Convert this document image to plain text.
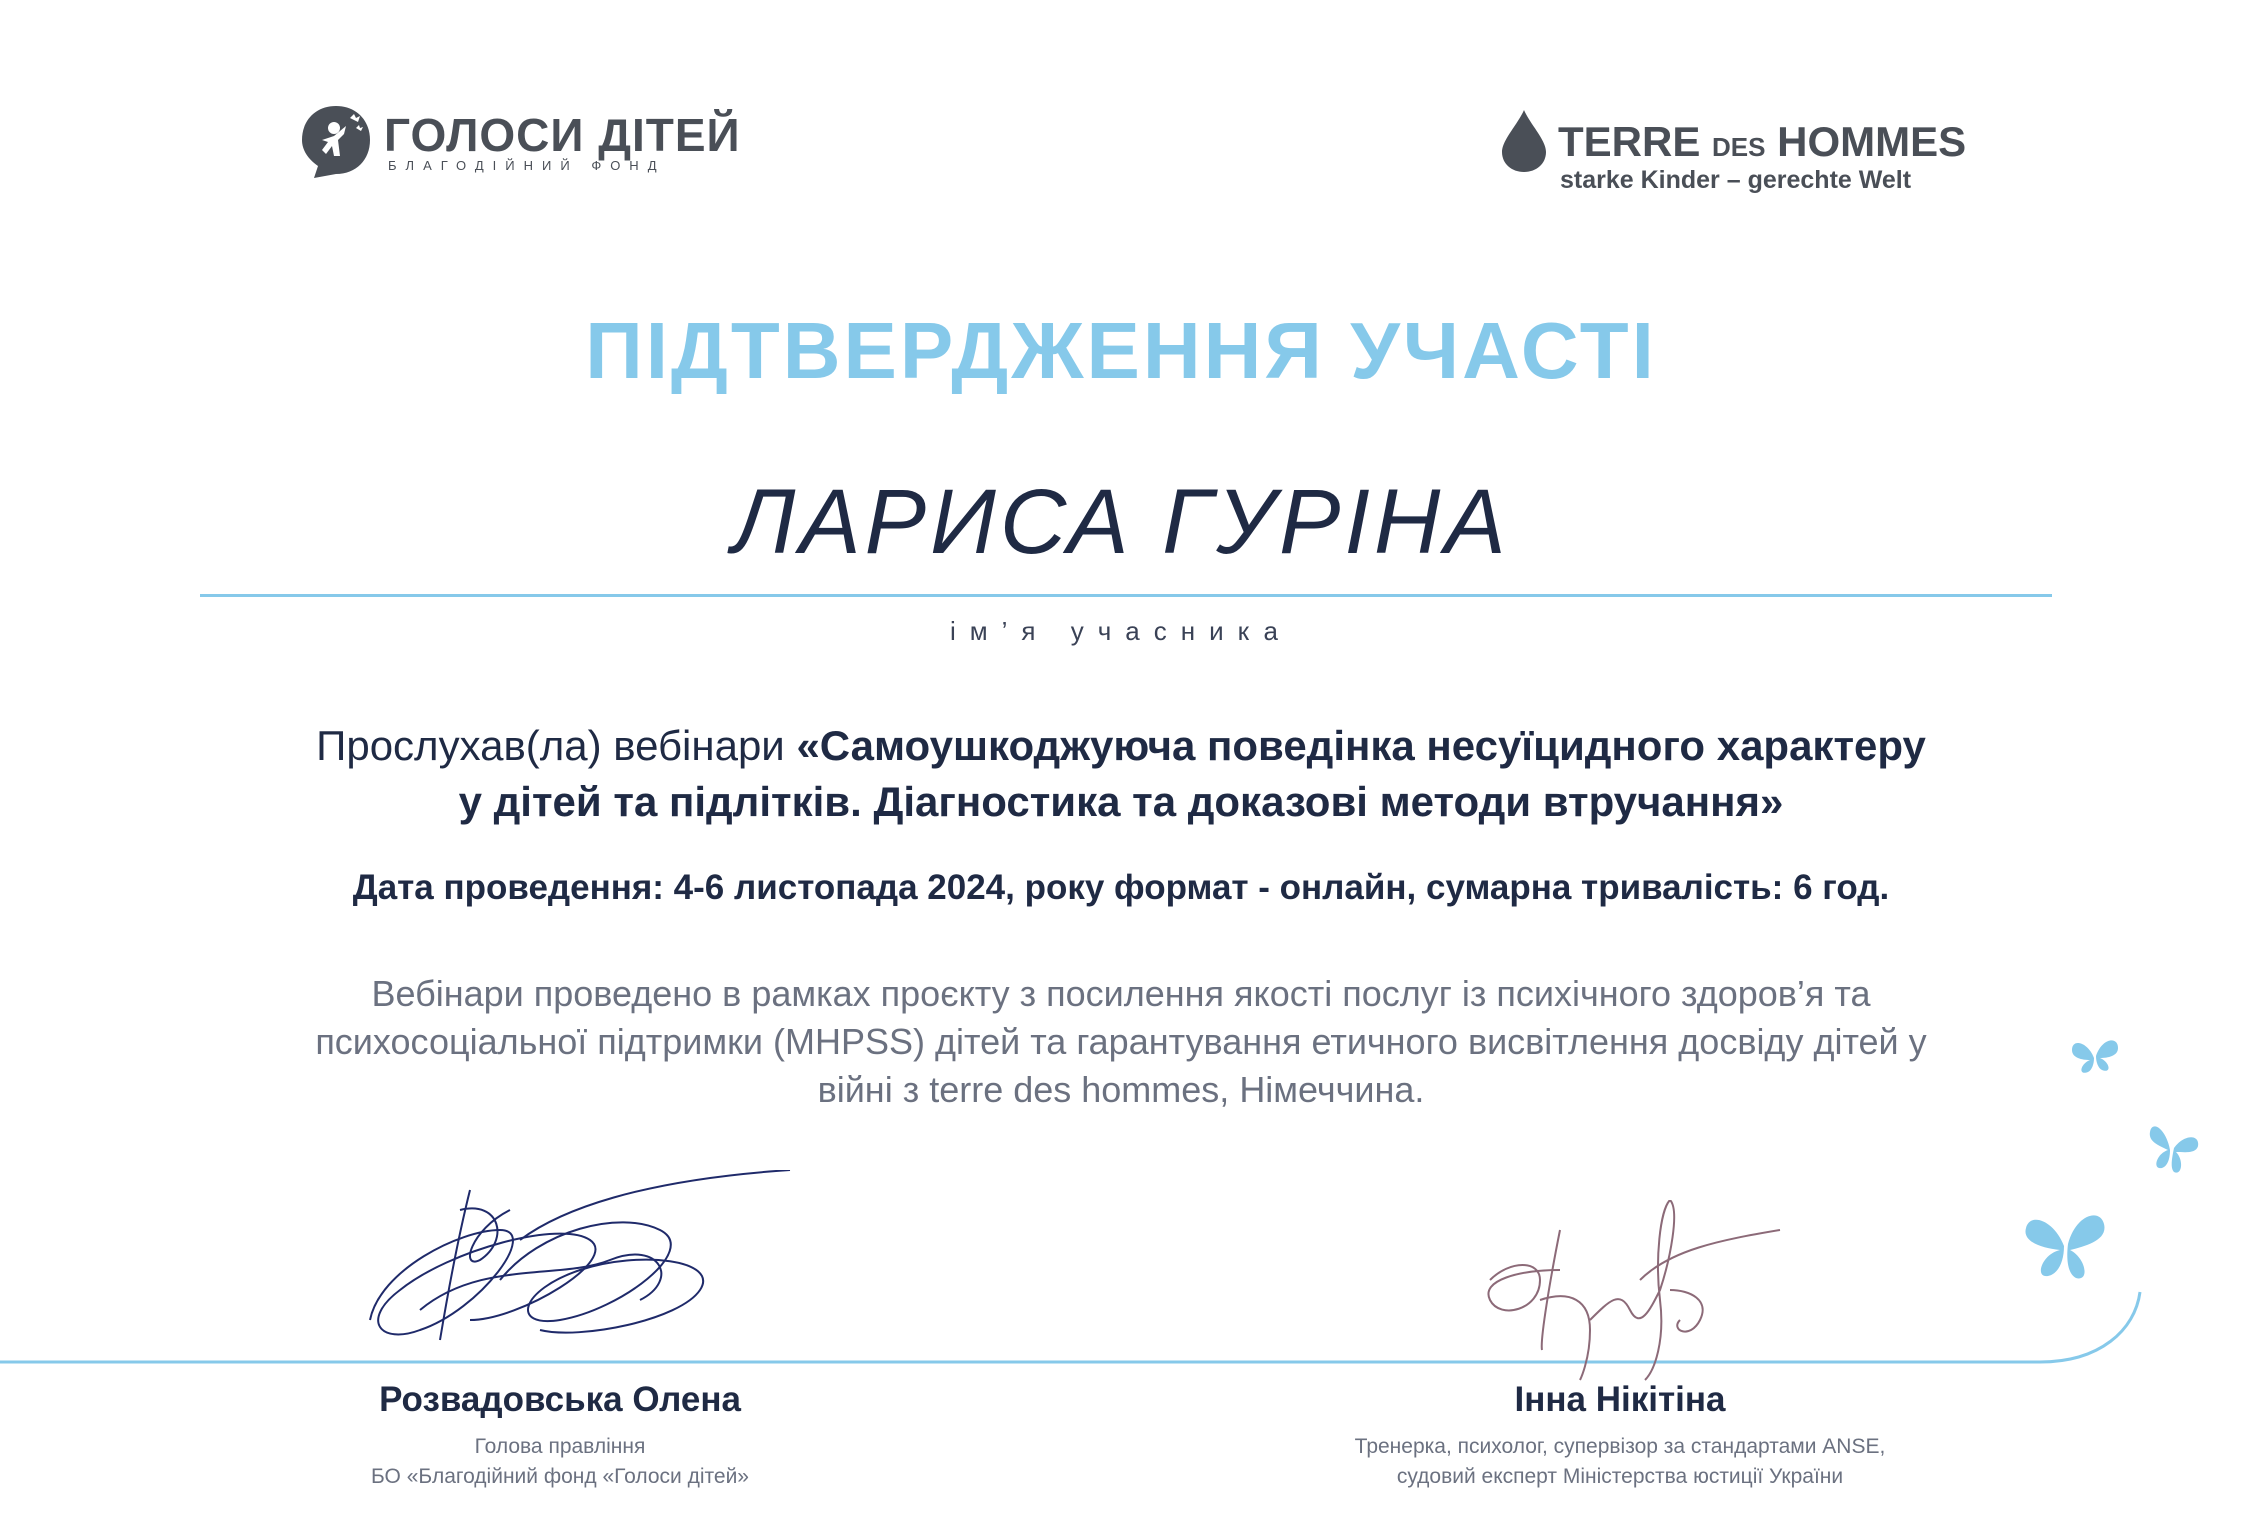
ГОЛОСИ ДІТЕЙ
БЛАГОДІЙНИЙ ФОНД
TERRE DES HOMMES
starke Kinder – gerechte Welt
ПІДТВЕРДЖЕННЯ УЧАСТІ
ЛАРИСА ГУРІНА
ім’я учасника
Прослухав(ла) вебінари «Самоушкоджуюча поведінка несуїцидного характеру
у дітей та підлітків. Діагностика та доказові методи втручання»
Дата проведення: 4-6 листопада 2024, року формат - онлайн, сумарна тривалість: 6 год.
Вебінари проведено в рамках проєкту з посилення якості послуг із психічного здоров’я та
психосоціальної підтримки (MHPSS) дітей та гарантування етичного висвітлення досвіду дітей у
війні з terre des hommes, Німеччина.
Розвадовська Олена
Голова правління
БО «Благодійний фонд «Голоси дітей»
Інна Нікітіна
Тренерка, психолог, супервізор за стандартами ANSE,
судовий експерт Міністерства юстиції України
